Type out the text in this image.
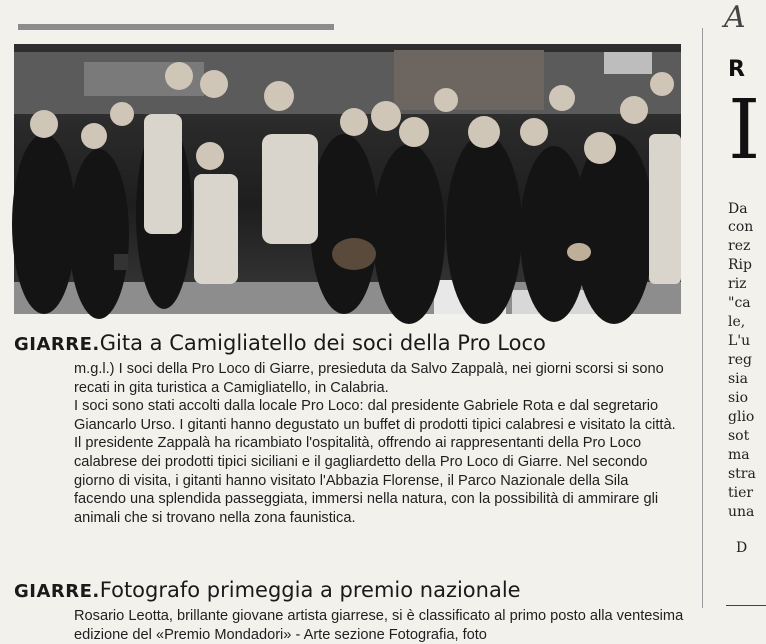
GIARRE.Gita a Camigliatello dei soci della Pro Loco

m.g.l.) I soci della Pro Loco di Giarre, presieduta da Salvo Zappalà, nei giorni scorsi si sono recati in gita turistica a Camigliatello, in Calabria.

I soci sono stati accolti dalla locale Pro Loco: dal presidente Gabriele Rota e dal segretario Giancarlo Urso. I gitanti hanno degustato un buffet di prodotti tipici calabresi e visitato la città. Il presidente Zappalà ha ricambiato l'ospitalità, offrendo ai rappresentanti della Pro Loco calabrese dei prodotti tipici siciliani e il gagliardetto della Pro Loco di Giarre. Nel secondo giorno di visita, i gitanti hanno visitato l'Abbazia Florense, il Parco Nazionale della Sila facendo una splendida passeggiata, immersi nella natura, con la possibilità di ammirare gli animali che si trovano nella zona faunistica.

GIARRE.Fotografo primeggia a premio nazionale

Rosario Leotta, brillante giovane artista giarrese, si è classificato al primo posto alla ventesima edizione del «Premio Mondadori» - Arte sezione Fotografia, foto

A
R
I
Da
con
rez
Rip
riz
"ca
le,
L'u
reg
sia
sio
glio
sot
ma
stra
tier
una
D
